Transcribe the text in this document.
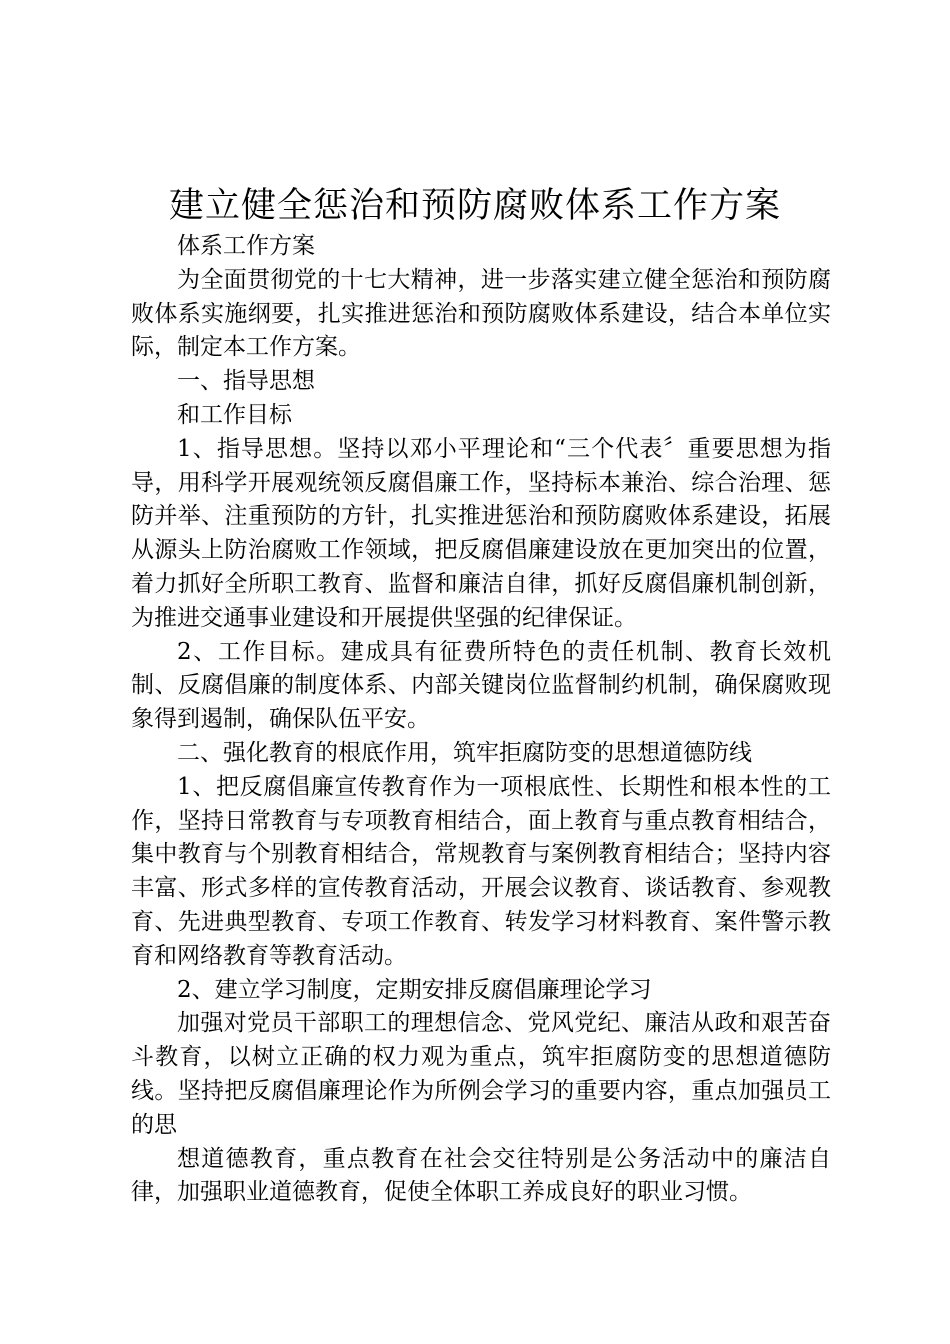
建立健全惩治和预防腐败体系工作方案

体系工作方案

为全面贯彻党的十七大精神，进一步落实建立健全惩治和预防腐败体系实施纲要，扎实推进惩治和预防腐败体系建设，结合本单位实际，制定本工作方案。

一、指导思想

和工作目标

1、指导思想。坚持以邓小平理论和“三个代表〞重要思想为指导，用科学开展观统领反腐倡廉工作，坚持标本兼治、综合治理、惩防并举、注重预防的方针，扎实推进惩治和预防腐败体系建设，拓展从源头上防治腐败工作领域，把反腐倡廉建设放在更加突出的位置，着力抓好全所职工教育、监督和廉洁自律，抓好反腐倡廉机制创新，为推进交通事业建设和开展提供坚强的纪律保证。

2、工作目标。建成具有征费所特色的责任机制、教育长效机制、反腐倡廉的制度体系、内部关键岗位监督制约机制，确保腐败现象得到遏制，确保队伍平安。

二、强化教育的根底作用，筑牢拒腐防变的思想道德防线

1、把反腐倡廉宣传教育作为一项根底性、长期性和根本性的工作，坚持日常教育与专项教育相结合，面上教育与重点教育相结合，集中教育与个别教育相结合，常规教育与案例教育相结合；坚持内容丰富、形式多样的宣传教育活动，开展会议教育、谈话教育、参观教育、先进典型教育、专项工作教育、转发学习材料教育、案件警示教育和网络教育等教育活动。

2、建立学习制度，定期安排反腐倡廉理论学习

加强对党员干部职工的理想信念、党风党纪、廉洁从政和艰苦奋斗教育，以树立正确的权力观为重点，筑牢拒腐防变的思想道德防线。坚持把反腐倡廉理论作为所例会学习的重要内容，重点加强员工的思

想道德教育，重点教育在社会交往特别是公务活动中的廉洁自律，加强职业道德教育，促使全体职工养成良好的职业习惯。
